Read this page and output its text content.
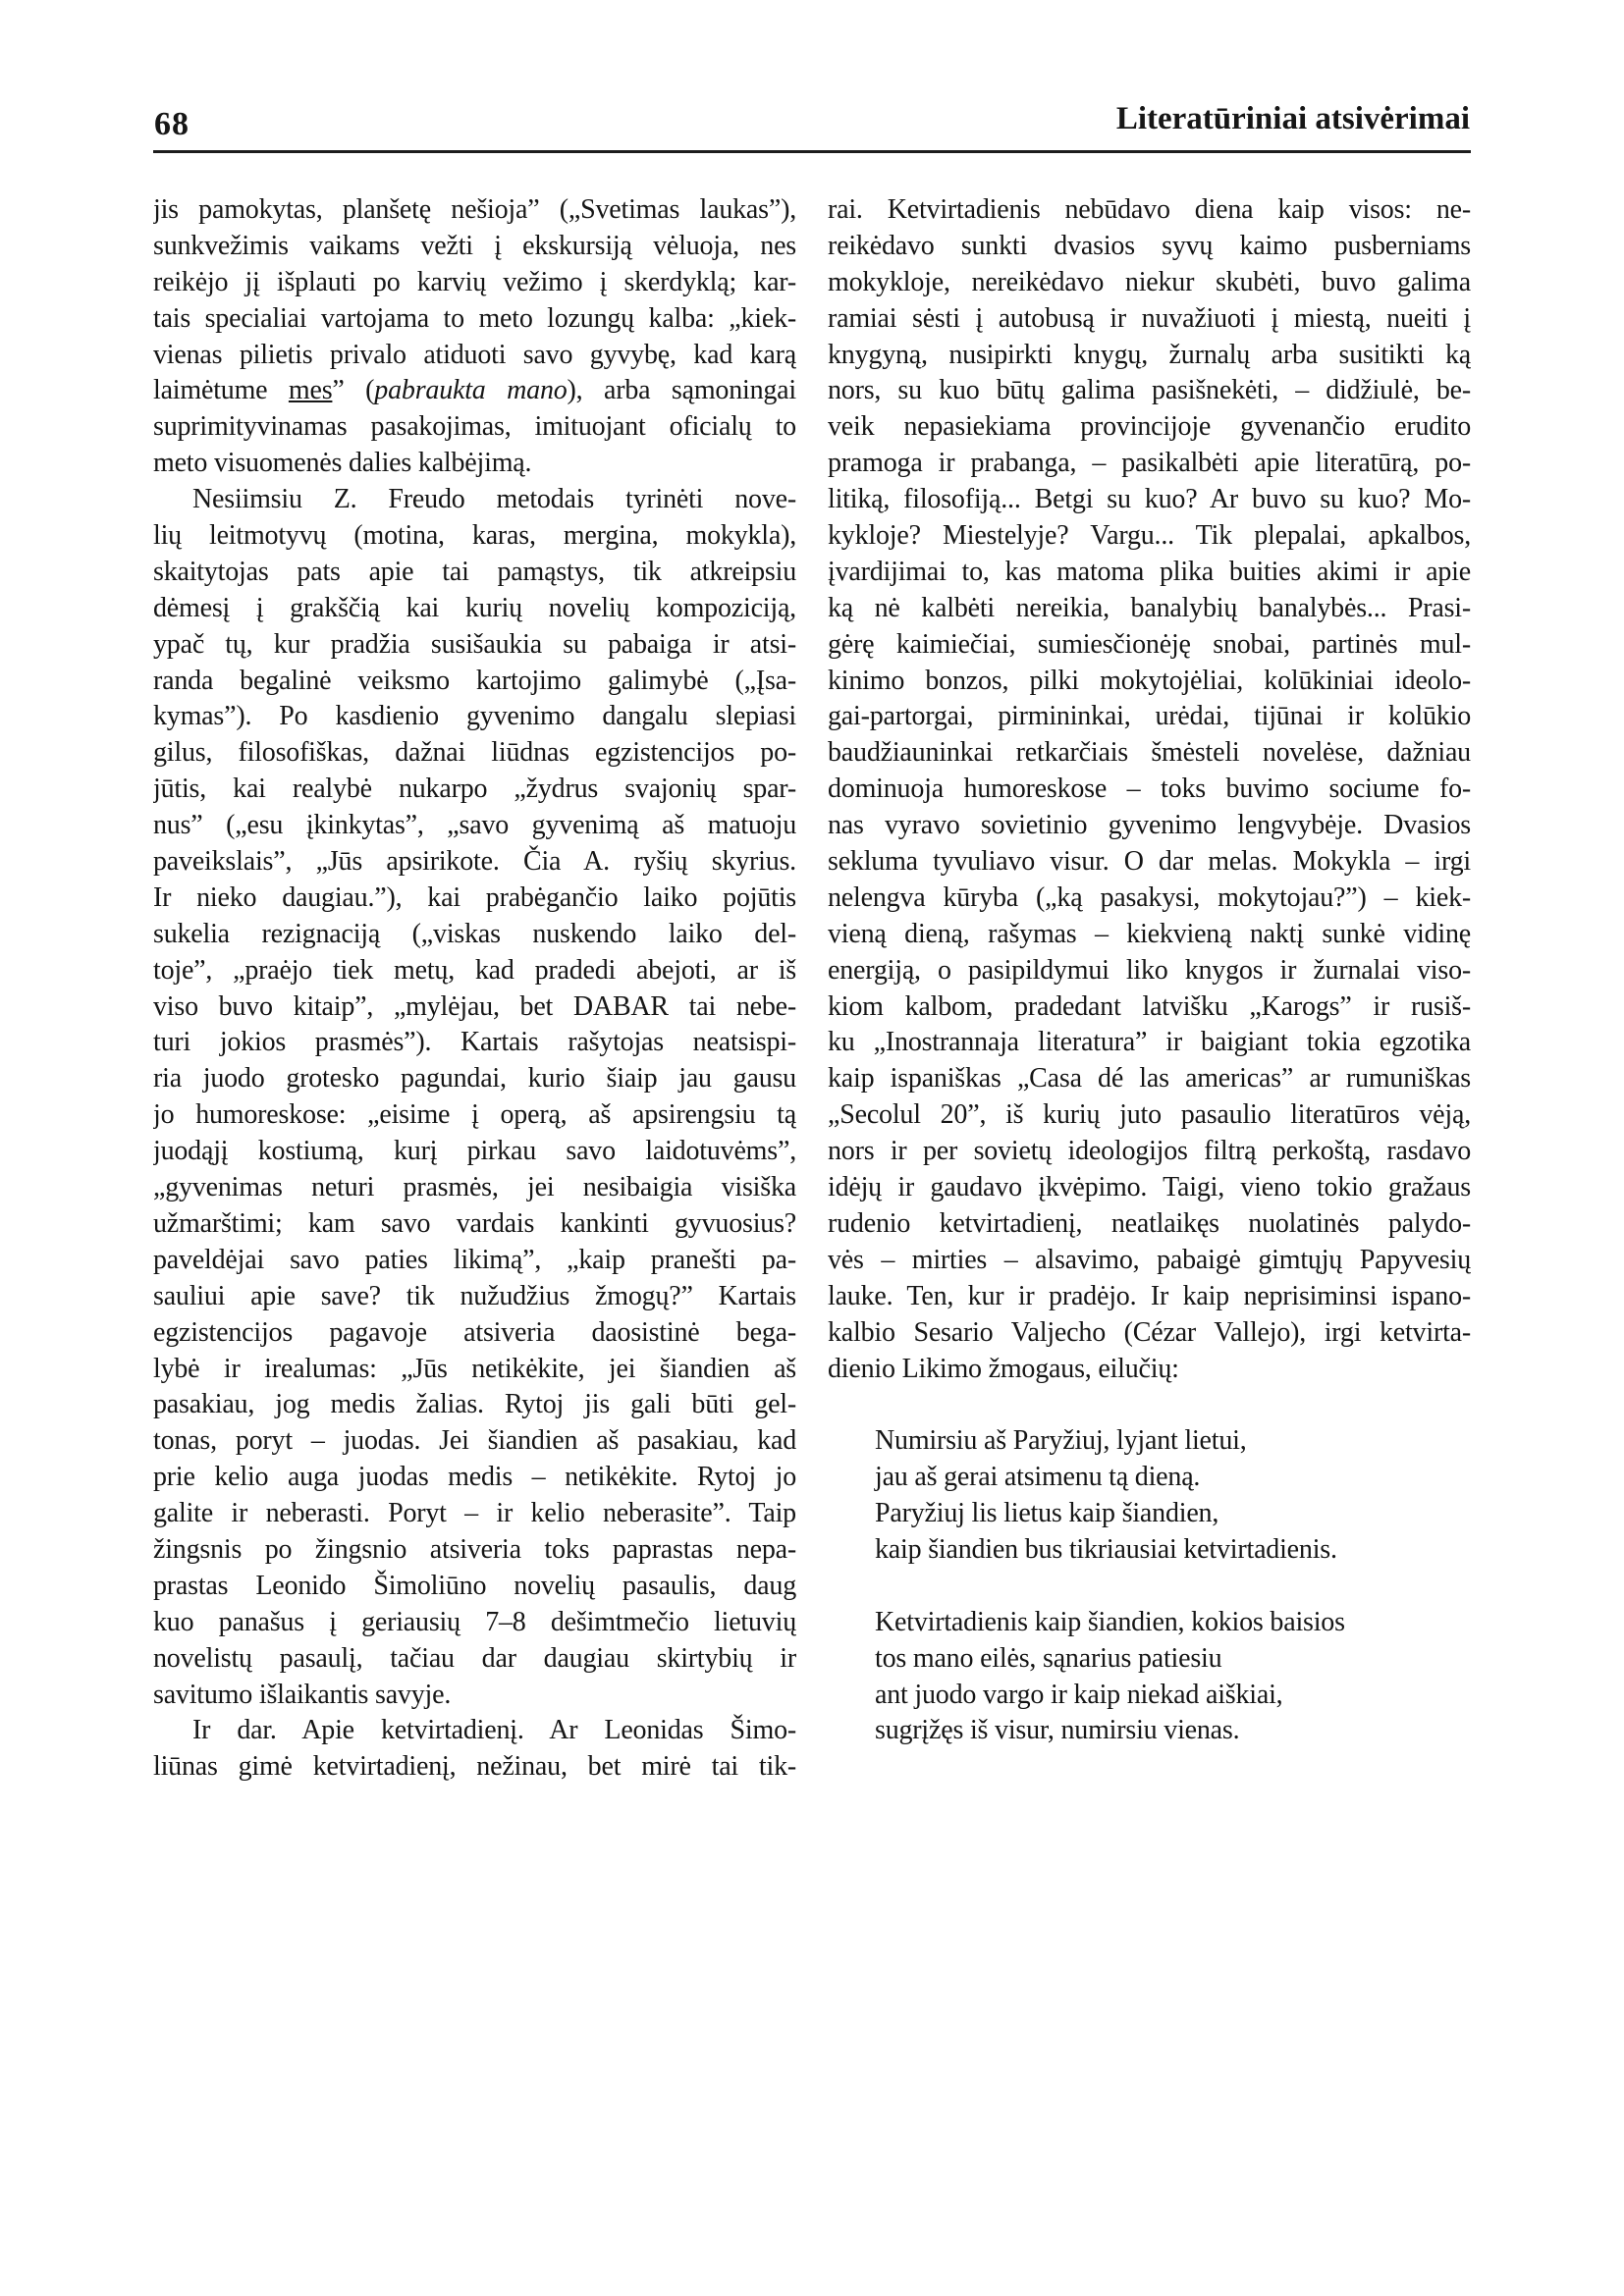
68	Literatūriniai atsivėrimai
jis pamokytas, planšetę nešioja” („Svetimas laukas”),
sunkvežimis vaikams vežti į ekskursiją vėluoja, nes
reikėjo jį išplauti po karvių vežimo į skerdyklą; kar-
tais specialiai vartojama to meto lozungų kalba: „kiek-
vienas pilietis privalo atiduoti savo gyvybę, kad karą
laimėtume mes” (pabraukta mano), arba sąmoningai
suprimityvinamas pasakojimas, imituojant oficialų to
meto visuomenės dalies kalbėjimą.
Nesiimsiu Z. Freudo metodais tyrinėti nove-
lių leitmotyvų (motina, karas, mergina, mokykla),
skaitytojas pats apie tai pamąstys, tik atkreipsiu
dėmesį į grakščią kai kurių novelių kompoziciją,
ypač tų, kur pradžia susišaukia su pabaiga ir atsi-
randa begalinė veiksmo kartojimo galimybė („Įsa-
kymas”). Po kasdienio gyvenimo dangalu slepiasi
gilus, filosofiškas, dažnai liūdnas egzistencijos po-
jūtis, kai realybė nukarpo „žydrus svajonių spar-
nus” („esu įkinkytas”, „savo gyvenimą aš matuoju
paveikslais”, „Jūs apsirikote. Čia A. ryšių skyrius.
Ir nieko daugiau.”), kai prabėgančio laiko pojūtis
sukelia rezignaciją („viskas nuskendo laiko del-
toje”, „praėjo tiek metų, kad pradedi abejoti, ar iš
viso buvo kitaip”, „mylėjau, bet DABAR tai nebe-
turi jokios prasmės”). Kartais rašytojas neatsispi-
ria juodo grotesko pagundai, kurio šiaip jau gausu
jo humoreskose: „eisime į operą, aš apsirengsiu tą
juodąjį kostiumą, kurį pirkau savo laidotuvėms”,
„gyvenimas neturi prasmės, jei nesibaigia visiška
užmarštimi; kam savo vardais kankinti gyvuosius?
paveldėjai savo paties likimą”, „kaip pranešti pa-
sauliui apie save? tik nužudžius žmogų?” Kartais
egzistencijos pagavoje atsiveria daosistinė bega-
lybė ir irealumas: „Jūs netikėkite, jei šiandien aš
pasakiau, jog medis žalias. Rytoj jis gali būti gel-
tonas, poryt – juodas. Jei šiandien aš pasakiau, kad
prie kelio auga juodas medis – netikėkite. Rytoj jo
galite ir neberasti. Poryt – ir kelio neberasite”. Taip
žingsnis po žingsnio atsiveria toks paprastas nepa-
prastas Leonido Šimoliūno novelių pasaulis, daug
kuo panašus į geriausių 7–8 dešimtmečio lietuvių
novelistų pasaulį, tačiau dar daugiau skirtybių ir
savitumo išlaikantis savyje.
Ir dar. Apie ketvirtadienį. Ar Leonidas Šimo-
liūnas gimė ketvirtadienį, nežinau, bet mirė tai tik-
rai. Ketvirtadienis nebūdavo diena kaip visos: ne-
reikėdavo sunkti dvasios syvų kaimo pusberniams
mokykloje, nereikėdavo niekur skubėti, buvo galima
ramiai sėsti į autobusą ir nuvažiuoti į miestą, nueiti į
knygyną, nusipirkti knygų, žurnalų arba susitikti ką
nors, su kuo būtų galima pasišnekėti, – didžiulė, be-
veik nepasiekiama provincijoje gyvenančio erudito
pramoga ir prabanga, – pasikalbėti apie literatūrą, po-
litiką, filosofiją... Betgi su kuo? Ar buvo su kuo? Mo-
kykloje? Miestelyje? Vargu... Tik plepalai, apkalbos,
įvardijimai to, kas matoma plika buities akimi ir apie
ką nė kalbėti nereikia, banalybių banalybės... Prasi-
gėrę kaimiečiai, sumiesčionėję snobai, partinės mul-
kinimo bonzos, pilki mokytojėliai, kolūkiniai ideolo-
gai-partorgai, pirmininkai, urėdai, tijūnai ir kolūkio
baudžiauninkai retkarčiais šmėsteli novelėse, dažniau
dominuoja humoreskose – toks buvimo sociume fo-
nas vyravo sovietinio gyvenimo lengvybėje. Dvasios
sekluma tyvuliavo visur. O dar melas. Mokykla – irgi
nelengva kūryba („ką pasakysi, mokytojau?”) – kiek-
vieną dieną, rašymas – kiekvieną naktį sunkė vidinę
energiją, o pasipildymui liko knygos ir žurnalai viso-
kiom kalbom, pradedant latvišku „Karogs” ir rusiš-
ku „Inostrannaja literatura” ir baigiant tokia egzotika
kaip ispaniškas „Casa dé las americas” ar rumuniškas
„Secolul 20”, iš kurių juto pasaulio literatūros vėją,
nors ir per sovietų ideologijos filtrą perkoštą, rasdavo
idėjų ir gaudavo įkvėpimo. Taigi, vieno tokio gražaus
rudenio ketvirtadienį, neatlaikęs nuolatinės palydo-
vės – mirties – alsavimo, pabaigė gimtųjų Papyvesių
lauke. Ten, kur ir pradėjo. Ir kaip neprisiminsi ispano-
kalbio Sesario Valjecho (Cézar Vallejo), irgi ketvirta-
dienio Likimo žmogaus, eilučių:

Numirsiu aš Paryžiuj, lyjant lietui,
jau aš gerai atsimenu tą dieną.
Paryžiuj lis lietus kaip šiandien,
kaip šiandien bus tikriausiai ketvirtadienis.

Ketvirtadienis kaip šiandien, kokios baisios
tos mano eilės, sąnarius patiesiu
ant juodo vargo ir kaip niekad aiškiai,
sugrįžęs iš visur, numirsiu vienas.
